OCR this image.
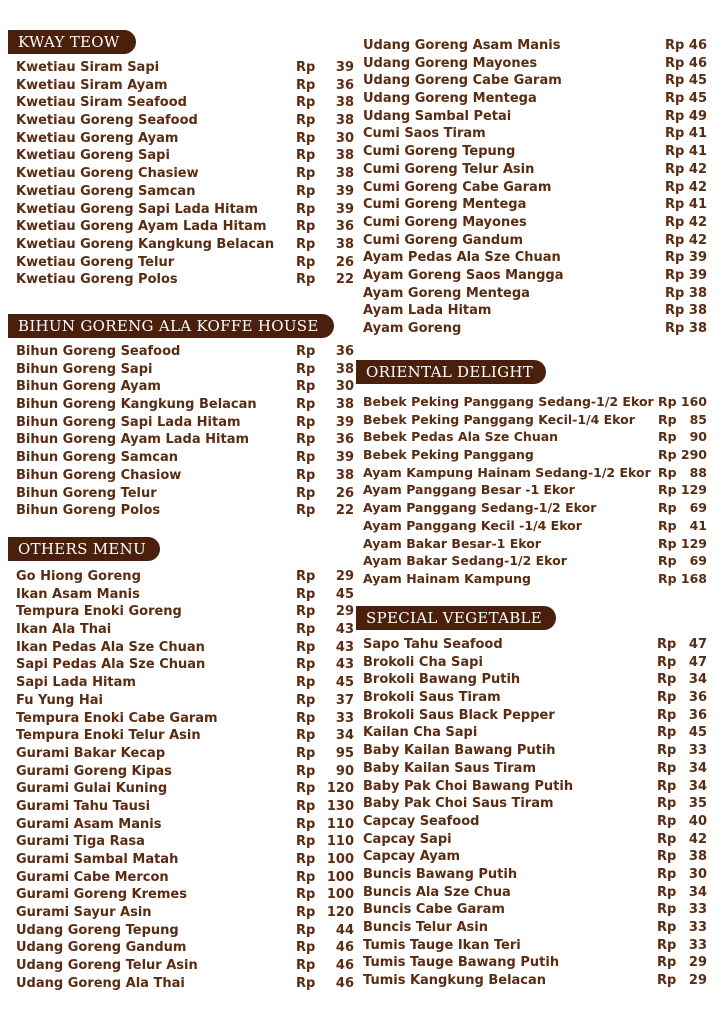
KWAY TEOW
Kwetiau Siram Sapi	Rp	39
Kwetiau Siram Ayam	Rp	36
Kwetiau Siram Seafood	Rp	38
Kwetiau Goreng Seafood	Rp	38
Kwetiau Goreng Ayam	Rp	30
Kwetiau Goreng Sapi	Rp	38
Kwetiau Goreng Chasiew	Rp	38
Kwetiau Goreng Samcan	Rp	39
Kwetiau Goreng Sapi Lada Hitam	Rp	39
Kwetiau Goreng Ayam Lada Hitam Rp	36
Kwetiau Goreng Kangkung Belacan Rp	38
Kwetiau Goreng Telur	Rp	26
Kwetiau Goreng Polos	Rp	22
BIHUN GORENG ALA KOFFE HOUSE
Bihun Goreng Seafood	Rp	36
Bihun Goreng Sapi	Rp	38
Bihun Goreng Ayam	Rp	30
Bihun Goreng Kangkung Belacan	Rp	38
Bihun Goreng Sapi Lada Hitam	Rp	39
Bihun Goreng Ayam Lada Hitam	Rp	36
Bihun Goreng Samcan	Rp	39
Bihun Goreng Chasiow	Rp	38
Bihun Goreng Telur	Rp	26
Bihun Goreng Polos	Rp	22
OTHERS MENU
Go Hiong Goreng	Rp	29
Ikan Asam Manis	Rp	45
Tempura Enoki Goreng	Rp	29
Ikan Ala Thai	Rp	43
Ikan Pedas Ala Sze Chuan	Rp	43
Sapi Pedas Ala Sze Chuan	Rp	43
Sapi Lada Hitam	Rp	45
Fu Yung Hai	Rp	37
Tempura Enoki Cabe Garam	Rp	33
Tempura Enoki Telur Asin	Rp	34
Gurami Bakar Kecap	Rp	95
Gurami Goreng Kipas	Rp	90
Gurami Gulai Kuning	Rp 120
Gurami Tahu Tausi	Rp 130
Gurami Asam Manis	Rp 110
Gurami Tiga Rasa	Rp 110
Gurami Sambal Matah	Rp 100
Gurami Cabe Mercon	Rp 100
Gurami Goreng Kremes	Rp 100
Gurami Sayur Asin	Rp 120
Udang Goreng Tepung	Rp	44
Udang Goreng Gandum	Rp	46
Udang Goreng Telur Asin	Rp	46
Udang Goreng Ala Thai	Rp	46
Udang Goreng Asam Manis	Rp 46
Udang Goreng Mayones	Rp 46
Udang Goreng Cabe Garam	Rp 45
Udang Goreng Mentega	Rp 45
Udang Sambal Petai	Rp 49
Cumi Saos Tiram	Rp 41
Cumi Goreng Tepung	Rp 41
Cumi Goreng Telur Asin	Rp 42
Cumi Goreng Cabe Garam	Rp 42
Cumi Goreng Mentega	Rp 41
Cumi Goreng Mayones	Rp 42
Cumi Goreng Gandum	Rp 42
Ayam Pedas Ala Sze Chuan	Rp 39
Ayam Goreng Saos Mangga	Rp 39
Ayam Goreng Mentega	Rp 38
Ayam Lada Hitam	Rp 38
Ayam Goreng	Rp 38
ORIENTAL DELIGHT
Bebek Peking Panggang Sedang-1/2 Ekor Rp 160
Bebek Peking Panggang Kecil-1/4 Ekor Rp	85
Bebek Pedas Ala Sze Chuan	Rp	90
Bebek Peking Panggang	Rp 290
Ayam Kampung Hainam Sedang-1/2 Ekor Rp	88
Ayam Panggang Besar -1 Ekor	Rp 129
Ayam Panggang Sedang-1/2 Ekor	Rp	69
Ayam Panggang Kecil -1/4 Ekor	Rp	41
Ayam Bakar Besar-1 Ekor	Rp 129
Ayam Bakar Sedang-1/2 Ekor	Rp	69
Ayam Hainam Kampung	Rp 168
SPECIAL VEGETABLE
Sapo Tahu Seafood	Rp 47
Brokoli Cha Sapi	Rp 47
Brokoli Bawang Putih	Rp 34
Brokoli Saus Tiram	Rp 36
Brokoli Saus Black Pepper	Rp 36
Kailan Cha Sapi	Rp 45
Baby Kailan Bawang Putih	Rp 33
Baby Kailan Saus Tiram	Rp 34
Baby Pak Choi Bawang Putih	Rp 34
Baby Pak Choi Saus Tiram	Rp 35
Capcay Seafood	Rp 40
Capcay Sapi	Rp 42
Capcay Ayam	Rp 38
Buncis Bawang Putih	Rp 30
Buncis Ala Sze Chua	Rp 34
Buncis Cabe Garam	Rp 33
Buncis Telur Asin	Rp 33
Tumis Tauge Ikan Teri	Rp 33
Tumis Tauge Bawang Putih	Rp 29
Tumis Kangkung Belacan	Rp 29
